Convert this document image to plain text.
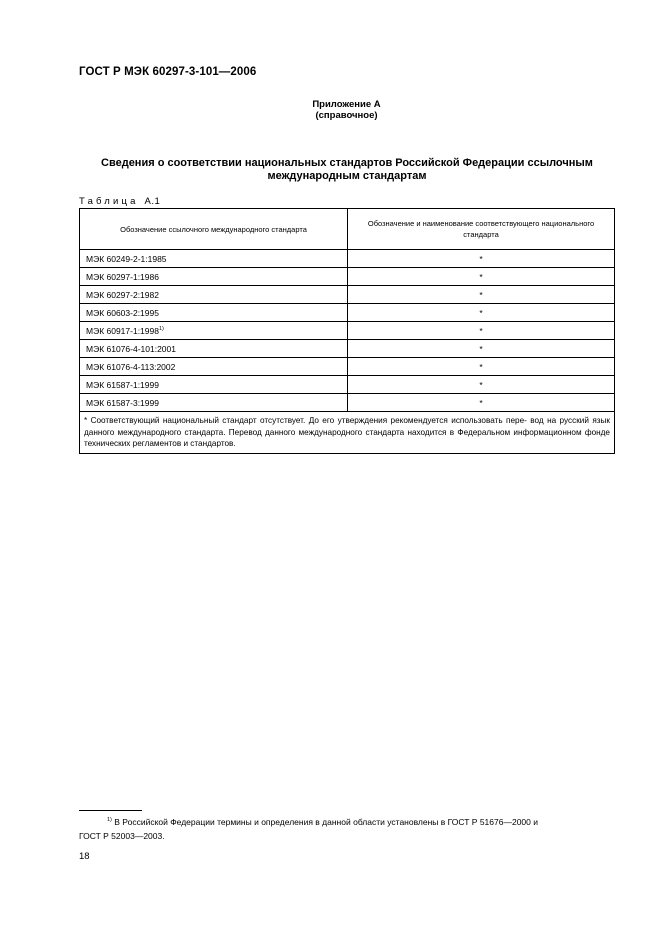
ГОСТ Р МЭК 60297-3-101—2006
Приложение А
(справочное)
Сведения о соответствии национальных стандартов Российской Федерации ссылочным международным стандартам
Таблица А.1
Обозначение ссылочного международного стандарта	Обозначение и наименование соответствующего национального стандарта
МЭК 60249-2-1:1985	*
МЭК 60297-1:1986	*
МЭК 60297-2:1982	*
МЭК 60603-2:1995	*
МЭК 60917-1:1998$^{1)}$	*
МЭК 61076-4-101:2001	*
МЭК 61076-4-113:2002	*
МЭК 61587-1:1999	*
МЭК 61587-3:1999	*
* Соответствующий национальный стандарт отсутствует. До его утверждения рекомендуется использовать пере- вод на русский язык данного международного стандарта. Перевод данного международного стандарта находится в Федеральном информационном фонде технических регламентов и стандартов.	
$^{1)}$ В Российской Федерации термины и определения в данной области установлены в ГОСТ Р 51676—2000 и
ГОСТ Р 52003—2003.
18
